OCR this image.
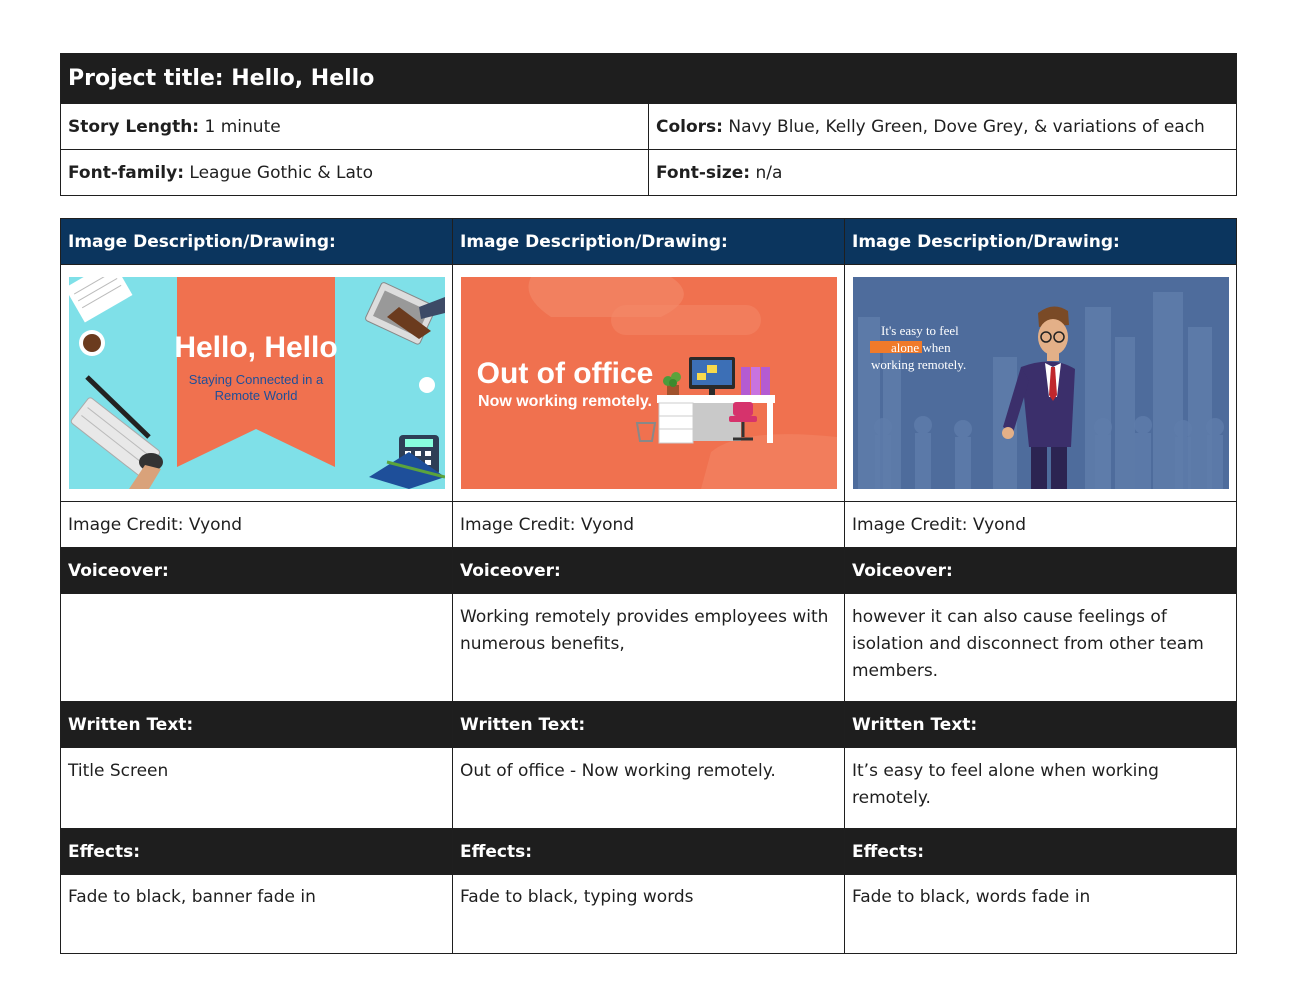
Project title: Hello, Hello	
Story Length: 1 minute	Colors: Navy Blue, Kelly Green, Dove Grey, & variations of each
Font-family: League Gothic & Lato	Font-size: n/a
Image Description/Drawing:	Image Description/Drawing:	Image Description/Drawing:

Hello, Hello
Staying Connected in a
Remote World	Out of office
Now working remotely.	It's easy to feel
alone when
working remotely.

Image Credit: Vyond	Image Credit: Vyond	Image Credit: Vyond
Voiceover:	Voiceover:	Voiceover:
	Working remotely provides employees with numerous benefits,	however it can also cause feelings of isolation and disconnect from other team members.
Written Text:	Written Text:	Written Text:
Title Screen	Out of office - Now working remotely.	It’s easy to feel alone when working remotely.
Effects:	Effects:	Effects:
Fade to black, banner fade in	Fade to black, typing words	Fade to black, words fade in
